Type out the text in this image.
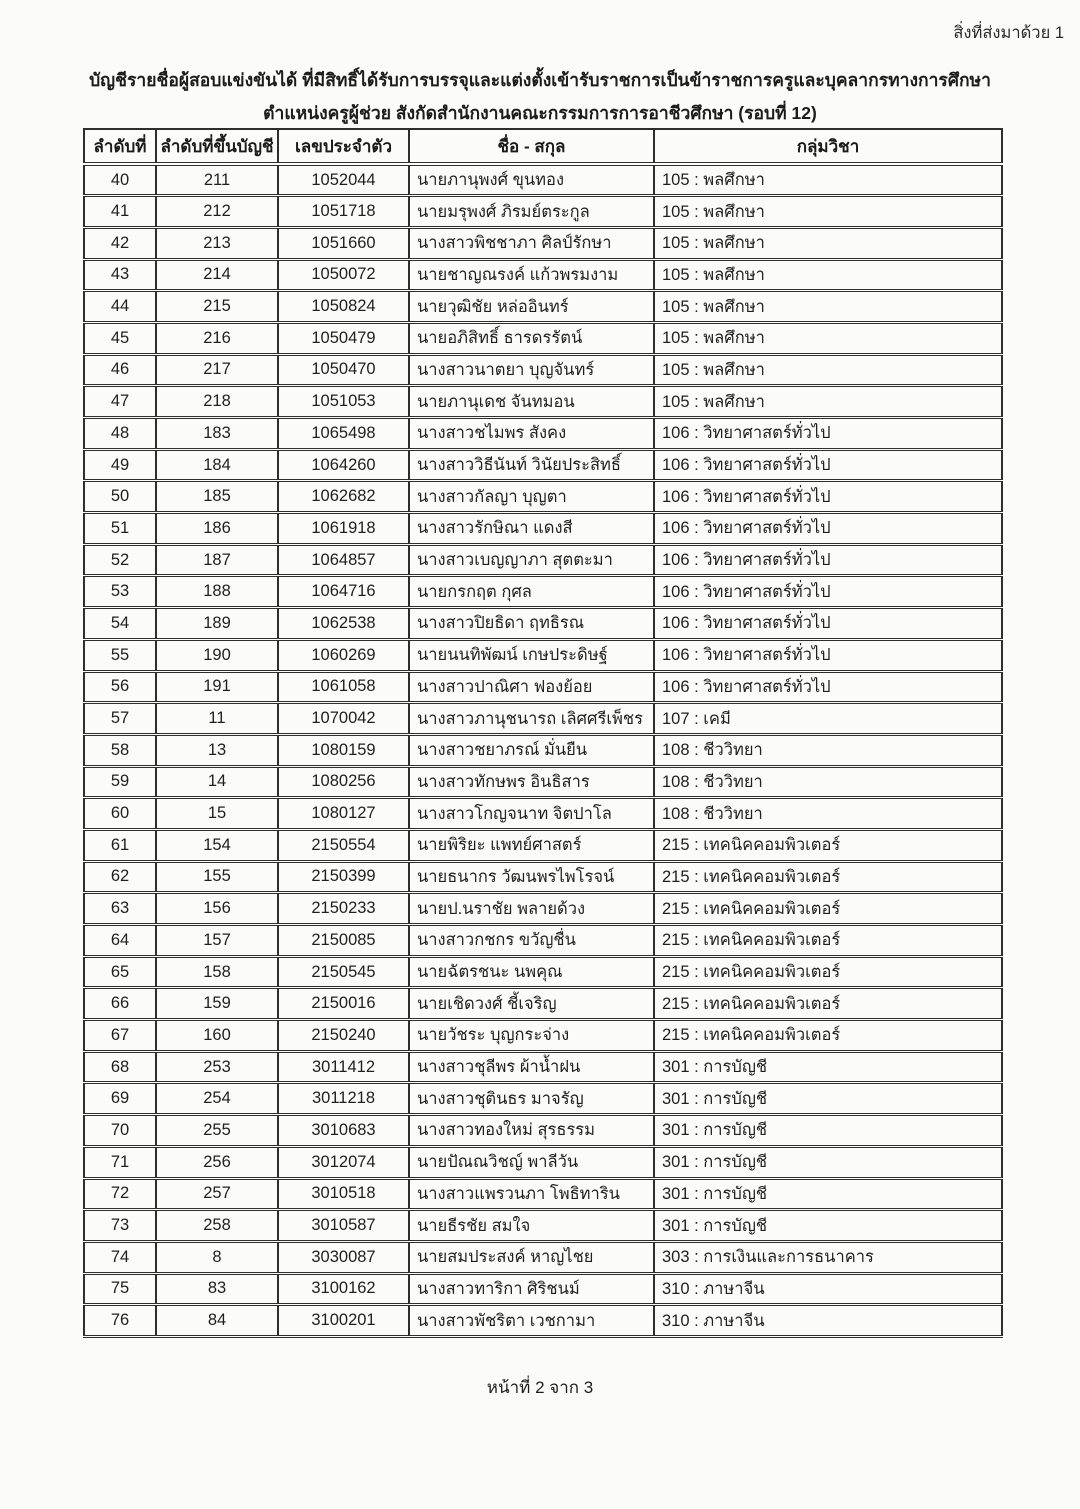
สิ่งที่ส่งมาด้วย 1
บัญชีรายชื่อผู้สอบแข่งขันได้ ที่มีสิทธิ์ได้รับการบรรจุและแต่งตั้งเข้ารับราชการเป็นข้าราชการครูและบุคลากรทางการศึกษา
ตำแหน่งครูผู้ช่วย สังกัดสำนักงานคณะกรรมการการอาชีวศึกษา (รอบที่ 12)
ลำดับที่	ลำดับที่ขึ้นบัญชี	เลขประจำตัว	ชื่อ - สกุล	กลุ่มวิชา
40	211	1052044	นายภานุพงศ์ ขุนทอง	105 : พลศึกษา
41	212	1051718	นายมรุพงศ์ ภิรมย์ตระกูล	105 : พลศึกษา
42	213	1051660	นางสาวพิชชาภา ศิลป์รักษา	105 : พลศึกษา
43	214	1050072	นายชาญณรงค์ แก้วพรมงาม	105 : พลศึกษา
44	215	1050824	นายวุฒิชัย หล่ออินทร์	105 : พลศึกษา
45	216	1050479	นายอภิสิทธิ์ ธารดรรัตน์	105 : พลศึกษา
46	217	1050470	นางสาวนาตยา บุญจันทร์	105 : พลศึกษา
47	218	1051053	นายภานุเดช จันทมอน	105 : พลศึกษา
48	183	1065498	นางสาวชไมพร สังคง	106 : วิทยาศาสตร์ทั่วไป
49	184	1064260	นางสาววิธีนันท์ วินัยประสิทธิ์	106 : วิทยาศาสตร์ทั่วไป
50	185	1062682	นางสาวกัลญา บุญตา	106 : วิทยาศาสตร์ทั่วไป
51	186	1061918	นางสาวรักษิณา แดงสี	106 : วิทยาศาสตร์ทั่วไป
52	187	1064857	นางสาวเบญญาภา สุตตะมา	106 : วิทยาศาสตร์ทั่วไป
53	188	1064716	นายกรกฤต กุศล	106 : วิทยาศาสตร์ทั่วไป
54	189	1062538	นางสาวปิยธิดา ฤทธิรณ	106 : วิทยาศาสตร์ทั่วไป
55	190	1060269	นายนนทิพัฒน์ เกษประดิษฐ์	106 : วิทยาศาสตร์ทั่วไป
56	191	1061058	นางสาวปาณิศา ฟองย้อย	106 : วิทยาศาสตร์ทั่วไป
57	11	1070042	นางสาวภานุชนารถ เลิศศรีเพ็ชร	107 : เคมี
58	13	1080159	นางสาวชยาภรณ์ มั่นยืน	108 : ชีววิทยา
59	14	1080256	นางสาวทักษพร อินธิสาร	108 : ชีววิทยา
60	15	1080127	นางสาวโกญจนาท จิตปาโล	108 : ชีววิทยา
61	154	2150554	นายพิริยะ แพทย์ศาสตร์	215 : เทคนิคคอมพิวเตอร์
62	155	2150399	นายธนากร วัฒนพรไพโรจน์	215 : เทคนิคคอมพิวเตอร์
63	156	2150233	นายป.นราชัย พลายด้วง	215 : เทคนิคคอมพิวเตอร์
64	157	2150085	นางสาวกชกร ขวัญชื่น	215 : เทคนิคคอมพิวเตอร์
65	158	2150545	นายฉัตรชนะ นพคุณ	215 : เทคนิคคอมพิวเตอร์
66	159	2150016	นายเชิดวงศ์ ชี้เจริญ	215 : เทคนิคคอมพิวเตอร์
67	160	2150240	นายวัชระ บุญกระจ่าง	215 : เทคนิคคอมพิวเตอร์
68	253	3011412	นางสาวชุลีพร ผ้าน้ำฝน	301 : การบัญชี
69	254	3011218	นางสาวชุตินธร มาจรัญ	301 : การบัญชี
70	255	3010683	นางสาวทองใหม่ สุรธรรม	301 : การบัญชี
71	256	3012074	นายปัณณวิชญ์ พาลีวัน	301 : การบัญชี
72	257	3010518	นางสาวแพรวนภา โพธิทาริน	301 : การบัญชี
73	258	3010587	นายธีรชัย สมใจ	301 : การบัญชี
74	8	3030087	นายสมประสงค์ หาญไชย	303 : การเงินและการธนาคาร
75	83	3100162	นางสาวทาริกา ศิริชนม์	310 : ภาษาจีน
76	84	3100201	นางสาวพัชริตา เวชกามา	310 : ภาษาจีน
หน้าที่ 2 จาก 3
